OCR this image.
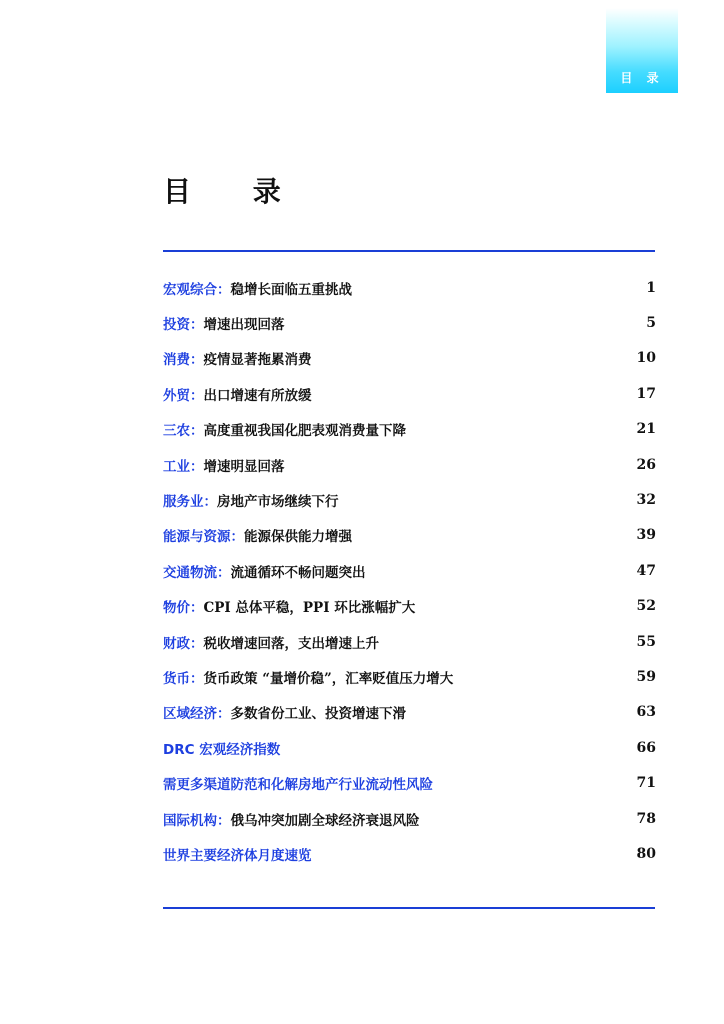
目 录
目 录
宏观综合：稳增长面临五重挑战	1
投资：增速出现回落	5
消费：疫情显著拖累消费	10
外贸：出口增速有所放缓	17
三农：高度重视我国化肥表观消费量下降	21
工业：增速明显回落	26
服务业：房地产市场继续下行	32
能源与资源：能源保供能力增强	39
交通物流：流通循环不畅问题突出	47
物价：CPI 总体平稳，PPI 环比涨幅扩大	52
财政：税收增速回落，支出增速上升	55
货币：货币政策 “量增价稳”，汇率贬值压力增大	59
区域经济：多数省份工业、投资增速下滑	63
DRC 宏观经济指数	66
需更多渠道防范和化解房地产行业流动性风险	71
国际机构：俄乌冲突加剧全球经济衰退风险	78
世界主要经济体月度速览	80
